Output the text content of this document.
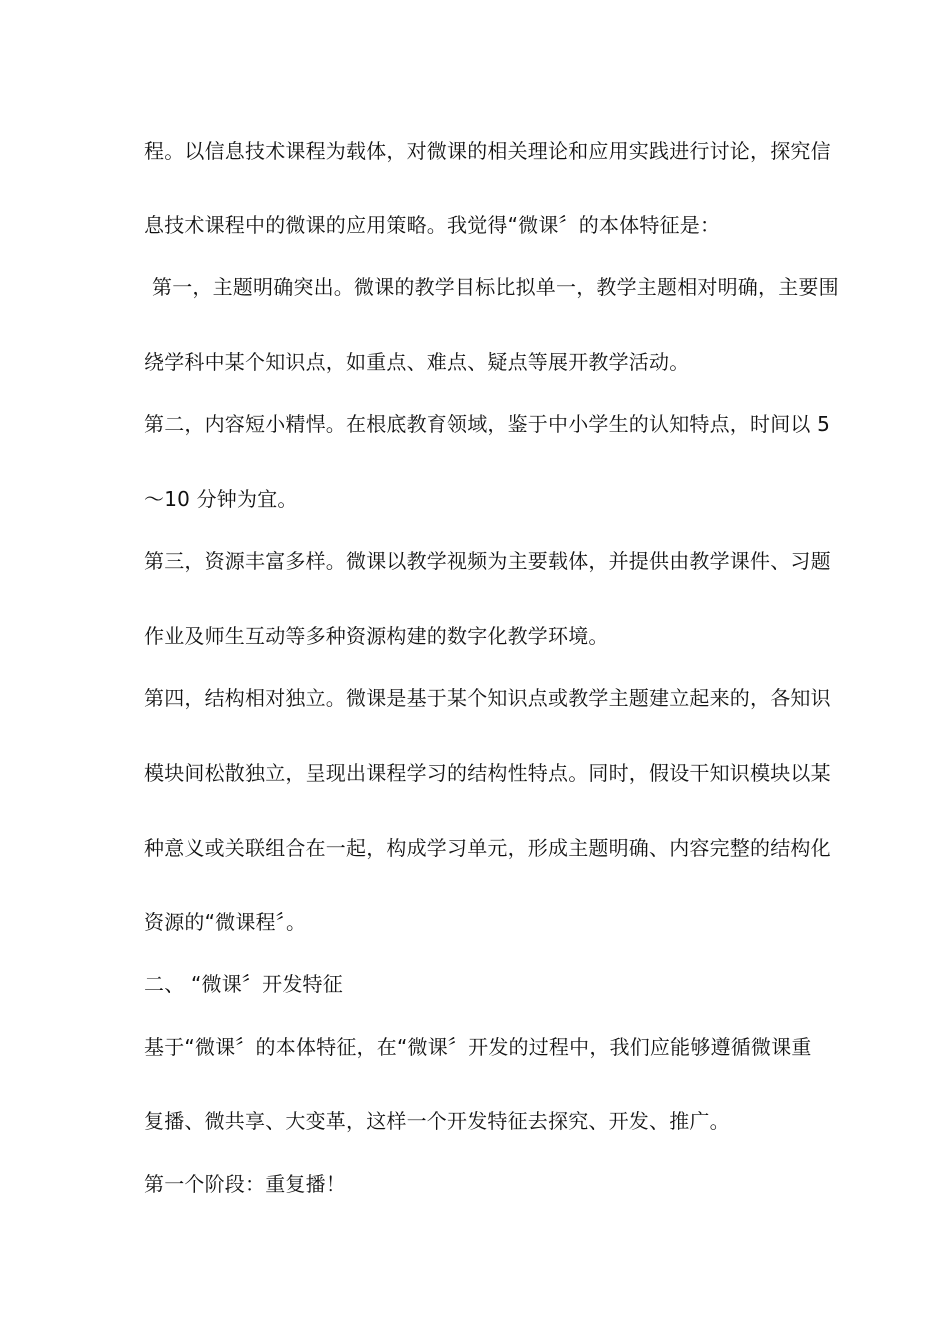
程。以信息技术课程为载体，对微课的相关理论和应用实践进行讨论，探究信
息技术课程中的微课的应用策略。我觉得“微课〞的本体特征是：
第一，主题明确突出。微课的教学目标比拟单一，教学主题相对明确，主要围
绕学科中某个知识点，如重点、难点、疑点等展开教学活动。
第二，内容短小精悍。在根底教育领域，鉴于中小学生的认知特点，时间以 5
～10 分钟为宜。
第三，资源丰富多样。微课以教学视频为主要载体，并提供由教学课件、习题
作业及师生互动等多种资源构建的数字化教学环境。
第四，结构相对独立。微课是基于某个知识点或教学主题建立起来的，各知识
模块间松散独立，呈现出课程学习的结构性特点。同时，假设干知识模块以某
种意义或关联组合在一起，构成学习单元，形成主题明确、内容完整的结构化
资源的“微课程〞。
二、 “微课〞开发特征
基于“微课〞的本体特征，在“微课〞开发的过程中，我们应能够遵循微课重
复播、微共享、大变革，这样一个开发特征去探究、开发、推广。
第一个阶段：重复播！
